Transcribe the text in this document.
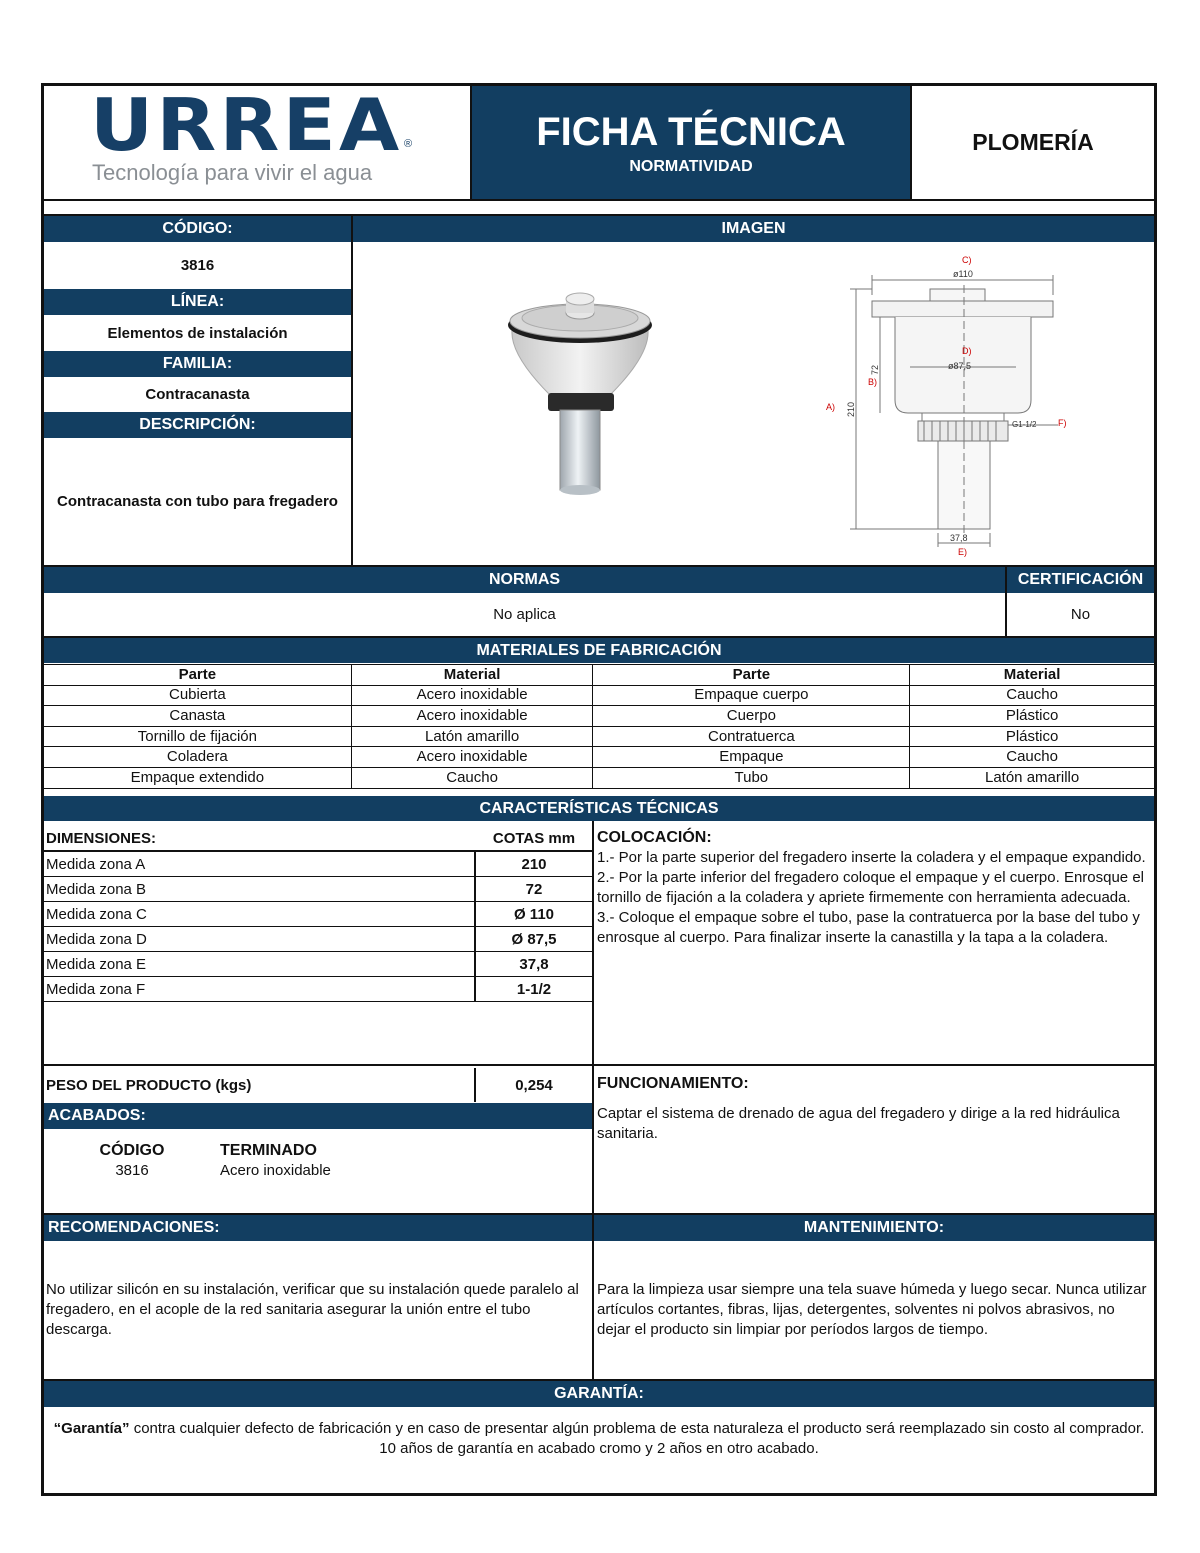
URREA ®
Tecnología para vivir el agua
FICHA TÉCNICA
NORMATIVIDAD
PLOMERÍA
CÓDIGO:
3816
LÍNEA:
Elementos de instalación
FAMILIA:
Contracanasta
DESCRIPCIÓN:
Contracanasta con tubo para fregadero
IMAGEN
C)
ø110
D)
ø87,5
B)
72
A) 210
G1-1/2 F)
37,8
E)
NORMAS	CERTIFICACIÓN
No aplica	No
MATERIALES DE FABRICACIÓN
Parte	Material	Parte	Material
Cubierta	Acero inoxidable	Empaque cuerpo	Caucho
Canasta	Acero inoxidable	Cuerpo	Plástico
Tornillo de fijación	Latón amarillo	Contratuerca	Plástico
Coladera	Acero inoxidable	Empaque	Caucho
Empaque extendido	Caucho	Tubo	Latón amarillo
CARACTERÍSTICAS TÉCNICAS
DIMENSIONES:	COTAS mm
Medida zona A	210
Medida zona B	72
Medida zona C	Ø 110
Medida zona D	Ø 87,5
Medida zona E	37,8
Medida zona F	1-1/2
COLOCACIÓN:
1.- Por la parte superior del fregadero inserte la coladera y el empaque expandido.
2.- Por la parte inferior del fregadero coloque el empaque y el cuerpo. Enrosque el tornillo de fijación a la coladera y apriete firmemente con herramienta adecuada.
3.- Coloque el empaque sobre el tubo, pase la contratuerca por la base del tubo y enrosque al cuerpo. Para finalizar inserte la canastilla y la tapa a la coladera.
PESO DEL PRODUCTO (kgs)	0,254
ACABADOS:
CÓDIGO	TERMINADO
3816	Acero inoxidable
FUNCIONAMIENTO:
Captar el sistema de drenado de agua del fregadero y dirige a la red hidráulica sanitaria.
RECOMENDACIONES:	MANTENIMIENTO:
No utilizar silicón en su instalación, verificar que su instalación quede paralelo al fregadero, en el acople de la red sanitaria asegurar la unión entre el tubo descarga.
Para la limpieza usar siempre una tela suave húmeda y luego secar. Nunca utilizar artículos cortantes, fibras, lijas, detergentes, solventes ni polvos abrasivos, no dejar el producto sin limpiar por períodos largos de tiempo.
GARANTÍA:
“Garantía” contra cualquier defecto de fabricación y en caso de presentar algún problema de esta naturaleza el producto será reemplazado sin costo al comprador.
10 años de garantía en acabado cromo y 2 años en otro acabado.
